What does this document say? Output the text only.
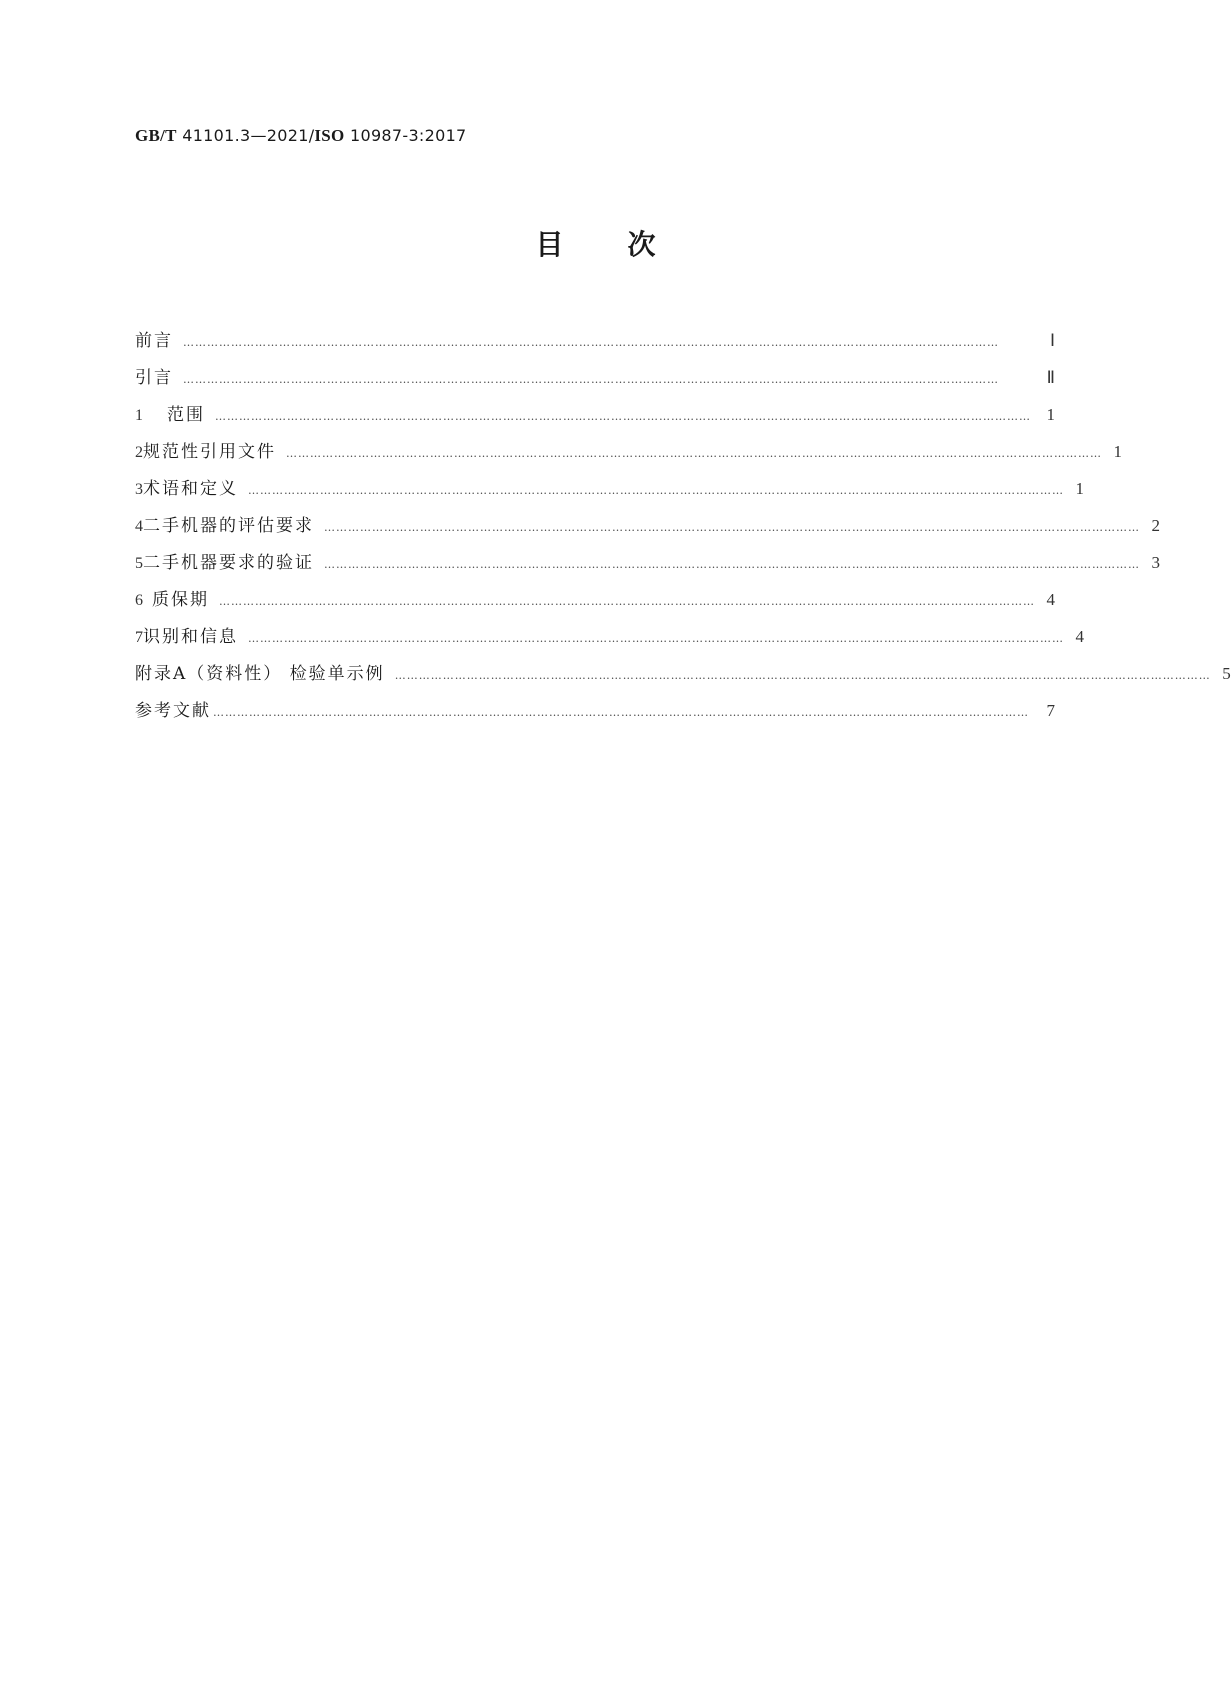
GB/T 41101.3—2021/ISO 10987-3:2017
目次
前言 ……………………………………………………………………………………………………………………………………………………………………………………	Ⅰ
引言 ……………………………………………………………………………………………………………………………………………………………………………………	Ⅱ
1	范围 …………………………………………………………………………………………………………………………………………………………………………………… 1
2 规范性引用文件 …………………………………………………………………………………………………………………………………………………………………………………… 1
3 术语和定义 …………………………………………………………………………………………………………………………………………………………………………………… 1
4 二手机器的评估要求 …………………………………………………………………………………………………………………………………………………………………………………… 2
5 二手机器要求的验证 …………………………………………………………………………………………………………………………………………………………………………………… 3
6 质保期 …………………………………………………………………………………………………………………………………………………………………………………… 4
7 识别和信息 …………………………………………………………………………………………………………………………………………………………………………………… 4
附录A（资料性） 检验单示例 …………………………………………………………………………………………………………………………………………………………………………………… 5
参考文献 ……………………………………………………………………………………………………………………………………………………………………………………	7
